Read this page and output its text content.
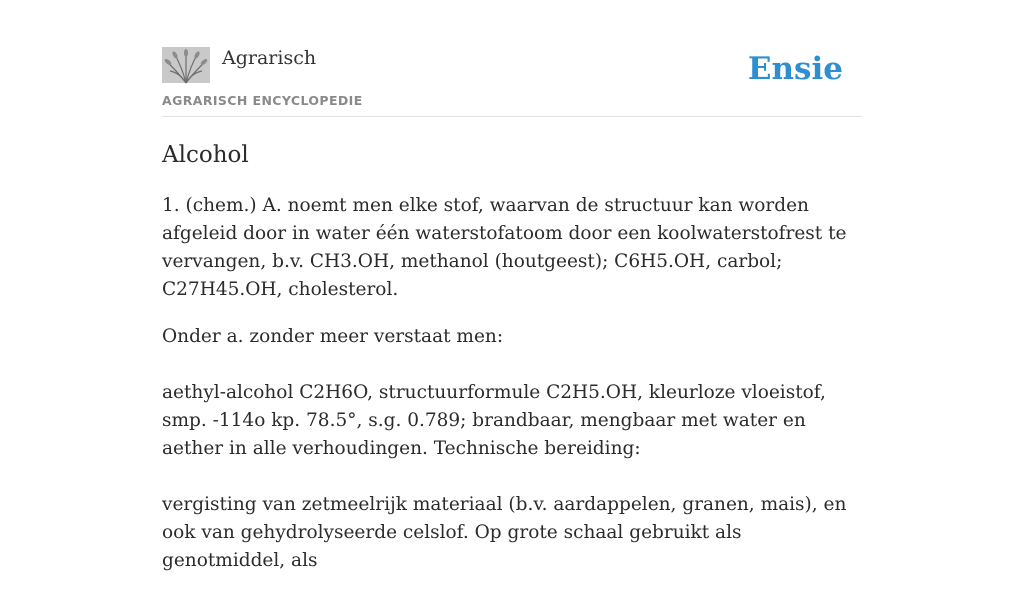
Agrarisch
AGRARISCH ENCYCLOPEDIE
Ensie
Alcohol

1. (chem.) A. noemt men elke stof, waarvan de structuur kan worden afgeleid door in water één waterstofatoom door een koolwaterstofrest te vervangen, b.v. CH3.OH, methanol (houtgeest); C6H5.OH, carbol; C27H45.OH, cholesterol.

Onder a. zonder meer verstaat men:

aethyl-alcohol C2H6O, structuurformule C2H5.OH, kleurloze vloeistof, smp. -114o kp. 78.5°, s.g. 0.789; brandbaar, mengbaar met water en aether in alle verhoudingen. Technische bereiding:

vergisting van zetmeelrijk materiaal (b.v. aardappelen, granen, mais), en ook van gehydrolyseerde celslof. Op grote schaal gebruikt als genotmiddel, als
